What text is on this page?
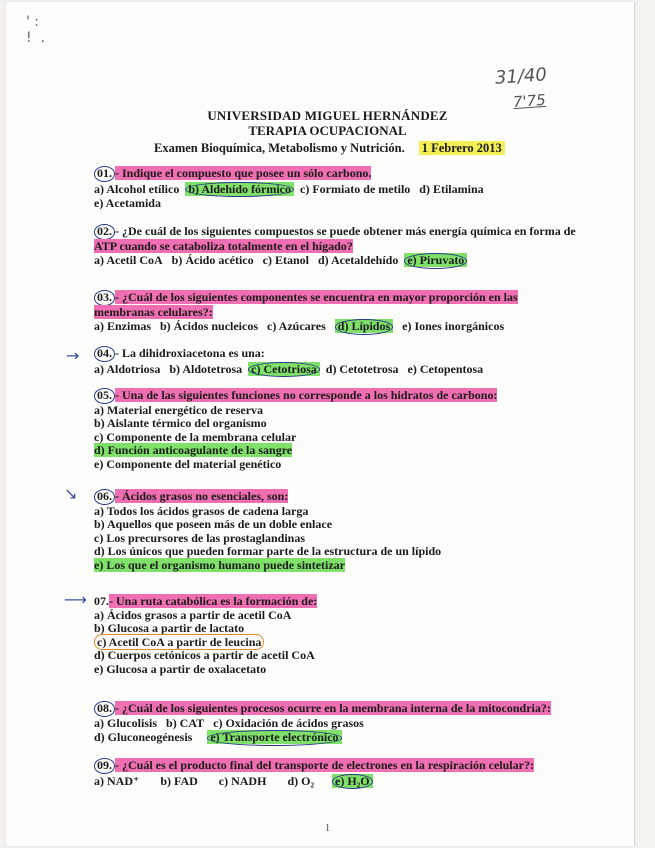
' :
!  .
31/40
7'75
UNIVERSIDAD MIGUEL HERNÁNDEZ
TERAPIA OCUPACIONAL
Examen Bioquímica, Metabolismo y Nutrición. 1 Febrero 2013
01. - Indique el compuesto que posee un sólo carbono.
a) Alcohol etílico b) Aldehído fórmico c) Formiato de metilo d) Etilamina
e) Acetamida
02. - ¿De cuál de los siguientes compuestos se puede obtener más energía química en forma de
ATP cuando se cataboliza totalmente en el hígado?
a) Acetil CoA b) Ácido acético c) Etanol d) Acetaldehído e) Piruvato
03. - ¿Cuál de los siguientes componentes se encuentra en mayor proporción en las
membranas celulares?:
a) Enzimas b) Ácidos nucleicos c) Azúcares d) Lípidos e) Iones inorgánicos
04. - La dihidroxiacetona es una:
a) Aldotriosa b) Aldotetrosa c) Cetotriosa d) Cetotetrosa e) Cetopentosa
→
05. - Una de las siguientes funciones no corresponde a los hidratos de carbono:
a) Material energético de reserva
b) Aislante térmico del organismo
c) Componente de la membrana celular
d) Función anticoagulante de la sangre
e) Componente del material genético
06. - Ácidos grasos no esenciales, son:
a) Todos los ácidos grasos de cadena larga
b) Aquellos que poseen más de un doble enlace
c) Los precursores de las prostaglandinas
d) Los únicos que pueden formar parte de la estructura de un lípido
e) Los que el organismo humano puede sintetizar
↘
07.- Una ruta catabólica es la formación de:
a) Ácidos grasos a partir de acetil CoA
b) Glucosa a partir de lactato
c) Acetil CoA a partir de leucina
d) Cuerpos cetónicos a partir de acetil CoA
e) Glucosa a partir de oxalacetato
⟶
08. - ¿Cuál de los siguientes procesos ocurre en la membrana interna de la mitocondria?:
a) Glucolisis b) CAT c) Oxidación de ácidos grasos
d) Gluconeogénesis e) Transporte electrónico
09. - ¿Cuál es el producto final del transporte de electrones en la respiración celular?:
a) NAD⁺ b) FAD c) NADH d) O₂ e) H₂O
1
